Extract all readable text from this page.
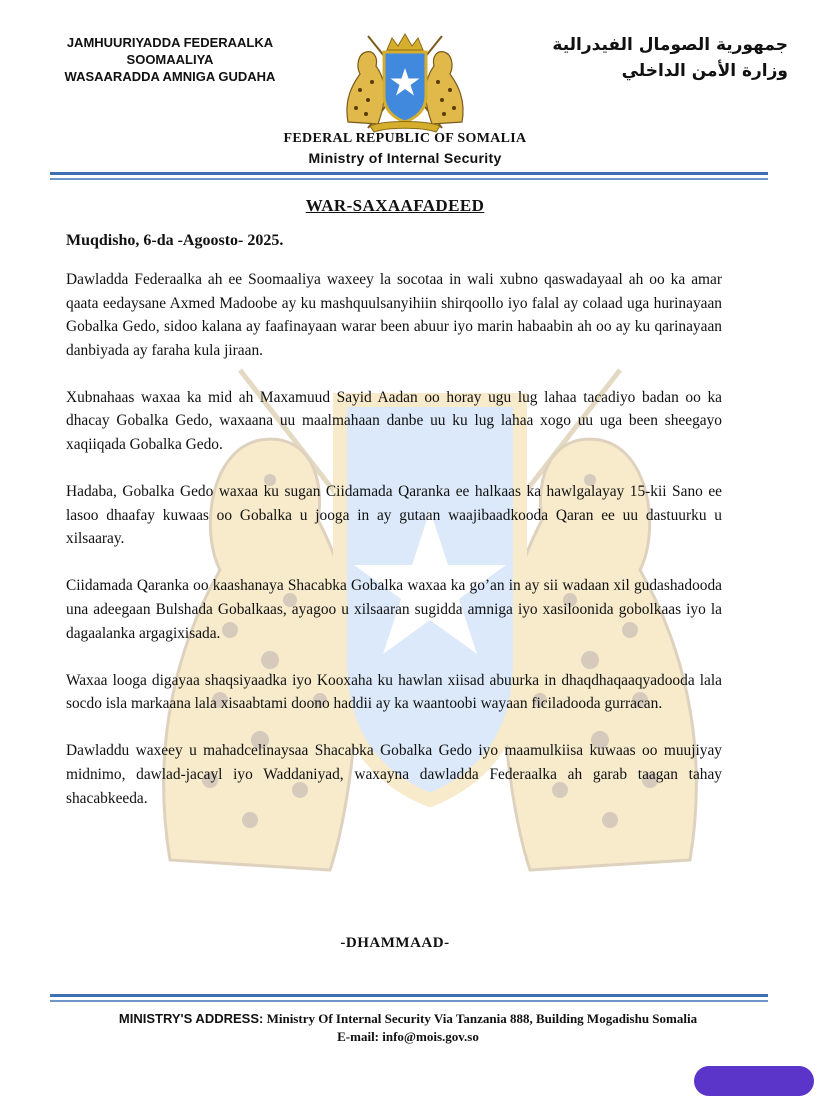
JAMHUURIYADDA FEDERAALKA
SOOMAALIYA
WASAARADDA AMNIGA GUDAHA
جمهورية الصومال الفيدرالية
وزارة الأمن الداخلي
FEDERAL REPUBLIC OF SOMALIA
Ministry of Internal Security
WAR-SAXAAFADEED
Muqdisho, 6-da -Agoosto- 2025.

Dawladda Federaalka ah ee Soomaaliya waxeey la socotaa in wali xubno qaswadayaal ah oo ka amar qaata eedaysane Axmed Madoobe ay ku mashquulsanyihiin shirqoollo iyo falal ay colaad uga hurinayaan Gobalka Gedo, sidoo kalana ay faafinayaan warar been abuur iyo marin habaabin ah oo ay ku qarinayaan danbiyada ay faraha kula jiraan.

Xubnahaas waxaa ka mid ah Maxamuud Sayid Aadan oo horay ugu lug lahaa tacadiyo badan oo ka dhacay Gobalka Gedo, waxaana uu maalmahaan danbe uu ku lug lahaa xogo uu uga been sheegayo xaqiiqada Gobalka Gedo.

Hadaba, Gobalka Gedo waxaa ku sugan Ciidamada Qaranka ee halkaas ka hawlgalayay 15-kii Sano ee lasoo dhaafay kuwaas oo Gobalka u jooga in ay gutaan waajibaadkooda Qaran ee uu dastuurku u xilsaaray.

Ciidamada Qaranka oo kaashanaya Shacabka Gobalka waxaa ka go’an in ay sii wadaan xil gudashadooda una adeegaan Bulshada Gobalkaas, ayagoo u xilsaaran sugidda amniga iyo xasiloonida gobolkaas iyo la dagaalanka argagixisada.

Waxaa looga digayaa shaqsiyaadka iyo Kooxaha ku hawlan xiisad abuurka in dhaqdhaqaaqyadooda lala socdo isla markaana lala xisaabtami doono haddii ay ka waantoobi wayaan ficiladooda gurracan.

Dawladdu waxeey u mahadcelinaysaa Shacabka Gobalka Gedo iyo maamulkiisa kuwaas oo muujiyay midnimo, dawlad-jacayl iyo Waddaniyad, waxayna dawladda Federaalka ah garab taagan tahay shacabkeeda.

-DHAMMAAD-
MINISTRY'S ADDRESS: Ministry Of Internal Security Via Tanzania 888, Building Mogadishu Somalia
E-mail: info@mois.gov.so
